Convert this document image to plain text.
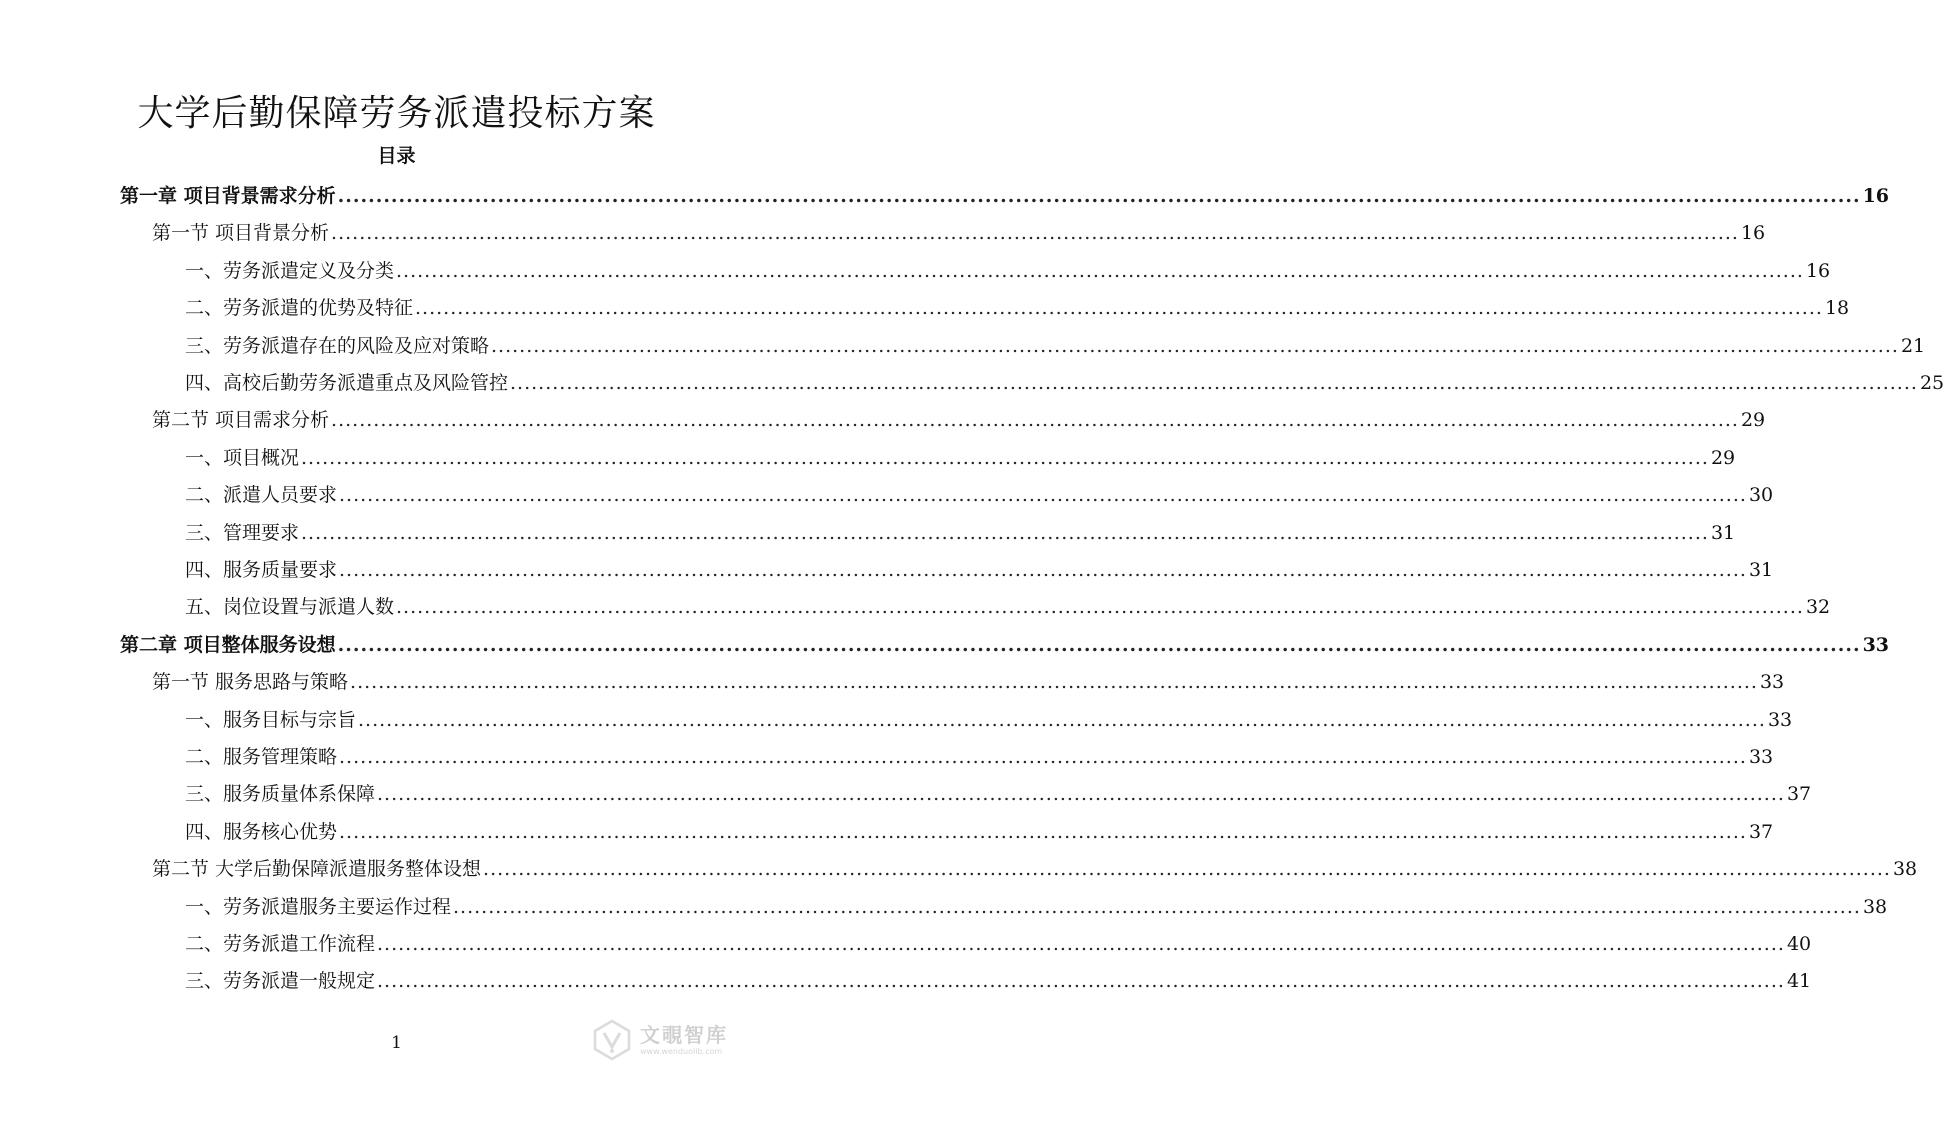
大学后勤保障劳务派遣投标方案
目录
第一章 项目背景需求分析 ........................................................................................................................................................................................................ 16
第一节 项目背景分析 ........................................................................................................................................................................................................ 16
一、劳务派遣定义及分类 ........................................................................................................................................................................................................ 16
二、劳务派遣的优势及特征 ........................................................................................................................................................................................................ 18
三、劳务派遣存在的风险及应对策略 ........................................................................................................................................................................................................ 21
四、高校后勤劳务派遣重点及风险管控 ........................................................................................................................................................................................................ 25
第二节 项目需求分析 ........................................................................................................................................................................................................ 29
一、项目概况 ........................................................................................................................................................................................................ 29
二、派遣人员要求 ........................................................................................................................................................................................................ 30
三、管理要求 ........................................................................................................................................................................................................ 31
四、服务质量要求 ........................................................................................................................................................................................................ 31
五、岗位设置与派遣人数 ........................................................................................................................................................................................................ 32
第二章 项目整体服务设想 ........................................................................................................................................................................................................ 33
第一节 服务思路与策略 ........................................................................................................................................................................................................ 33
一、服务目标与宗旨 ........................................................................................................................................................................................................ 33
二、服务管理策略 ........................................................................................................................................................................................................ 33
三、服务质量体系保障 ........................................................................................................................................................................................................ 37
四、服务核心优势 ........................................................................................................................................................................................................ 37
第二节 大学后勤保障派遣服务整体设想 ........................................................................................................................................................................................................ 38
一、劳务派遣服务主要运作过程 ........................................................................................................................................................................................................ 38
二、劳务派遣工作流程 ........................................................................................................................................................................................................ 40
三、劳务派遣一般规定 ........................................................................................................................................................................................................ 41
1	文覗智库
www.wenduolib.com
